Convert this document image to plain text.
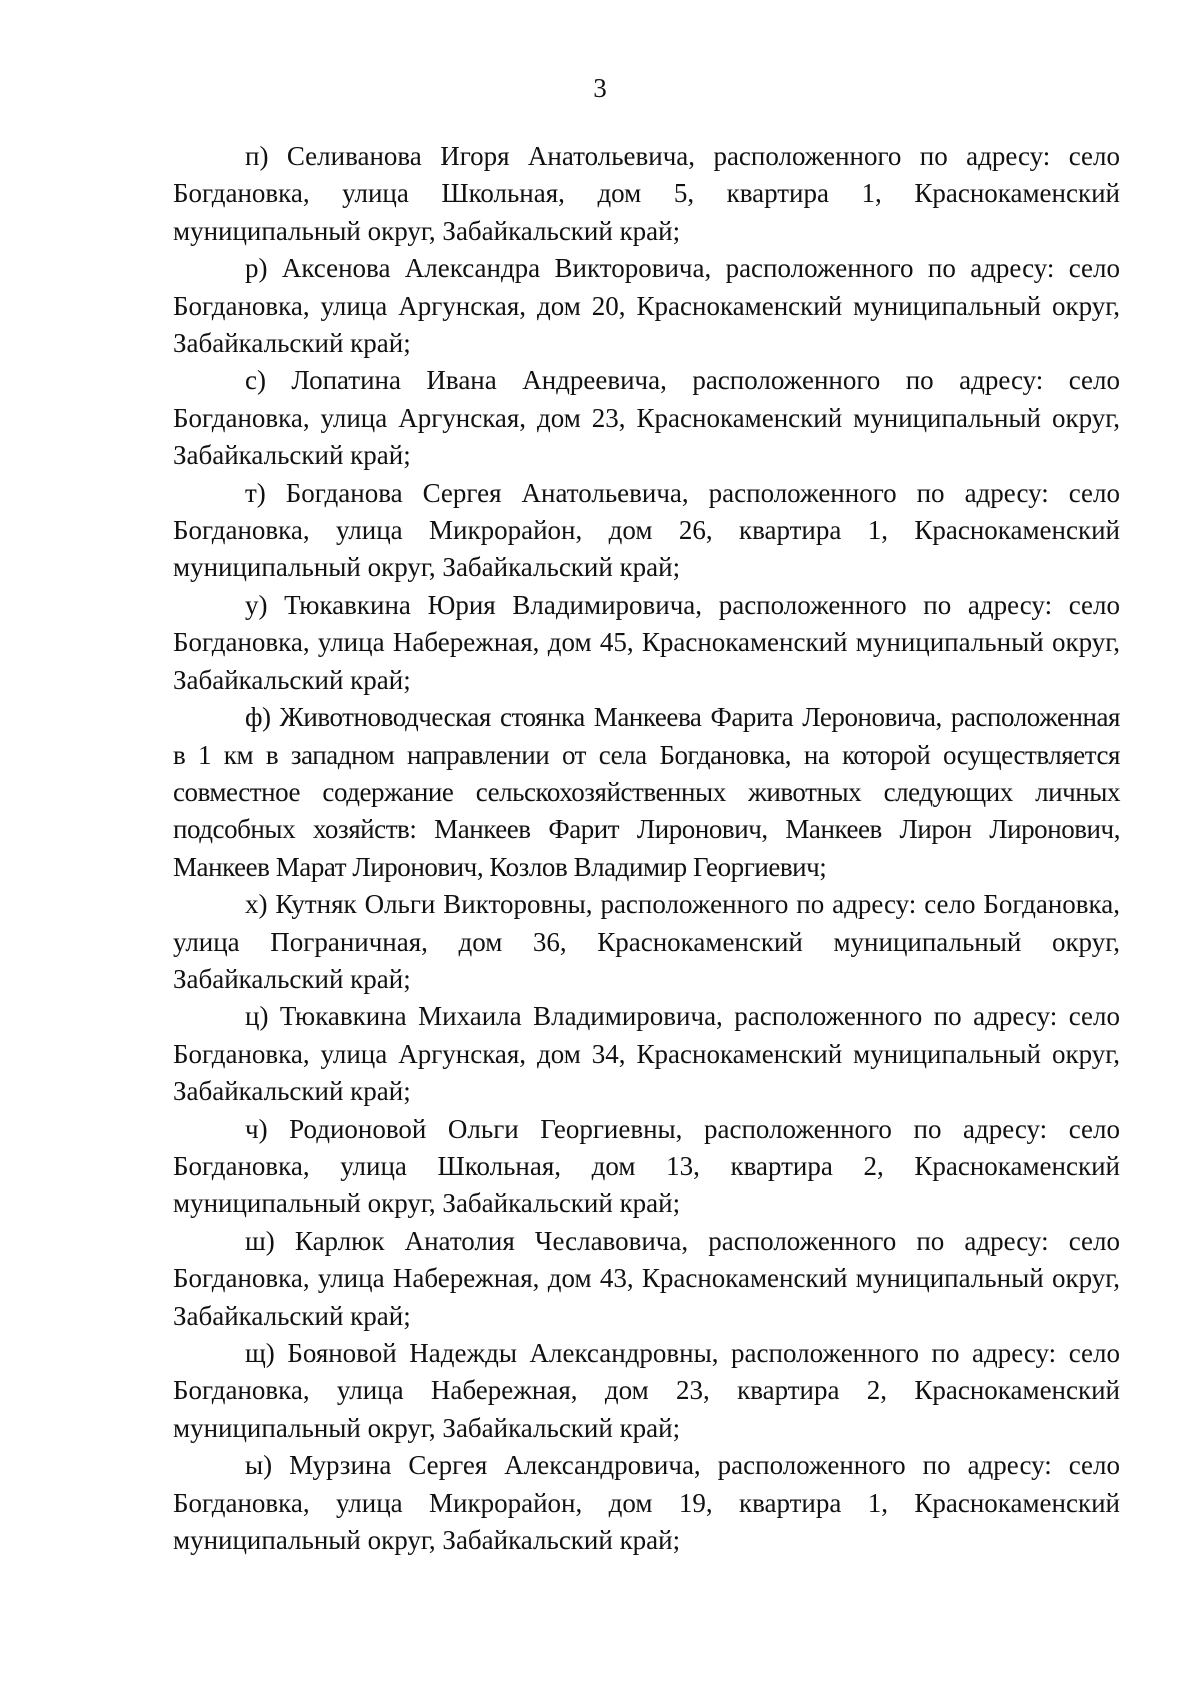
3

п) Селиванова Игоря Анатольевича, расположенного по адресу: село Богдановка, улица Школьная, дом 5, квартира 1, Краснокаменский муниципальный округ, Забайкальский край;

р) Аксенова Александра Викторовича, расположенного по адресу: село Богдановка, улица Аргунская, дом 20, Краснокаменский муниципальный округ, Забайкальский край;

с) Лопатина Ивана Андреевича, расположенного по адресу: село Богдановка, улица Аргунская, дом 23, Краснокаменский муниципальный округ, Забайкальский край;

т) Богданова Сергея Анатольевича, расположенного по адресу: село Богдановка, улица Микрорайон, дом 26, квартира 1, Краснокаменский муниципальный округ, Забайкальский край;

у) Тюкавкина Юрия Владимировича, расположенного по адресу: село Богдановка, улица Набережная, дом 45, Краснокаменский муниципальный округ, Забайкальский край;

ф) Животноводческая стоянка Манкеева Фарита Лероновича, расположенная в 1 км в западном направлении от села Богдановка, на которой осуществляется совместное содержание сельскохозяйственных животных следующих личных подсобных хозяйств: Манкеев Фарит Лиронович, Манкеев Лирон Лиронович, Манкеев Марат Лиронович, Козлов Владимир Георгиевич;

х) Кутняк Ольги Викторовны, расположенного по адресу: село Богдановка, улица Пограничная, дом 36, Краснокаменский муниципальный округ, Забайкальский край;

ц) Тюкавкина Михаила Владимировича, расположенного по адресу: село Богдановка, улица Аргунская, дом 34, Краснокаменский муниципальный округ, Забайкальский край;

ч) Родионовой Ольги Георгиевны, расположенного по адресу: село Богдановка, улица Школьная, дом 13, квартира 2, Краснокаменский муниципальный округ, Забайкальский край;

ш) Карлюк Анатолия Чеславовича, расположенного по адресу: село Богдановка, улица Набережная, дом 43, Краснокаменский муниципальный округ, Забайкальский край;

щ) Бояновой Надежды Александровны, расположенного по адресу: село Богдановка, улица Набережная, дом 23, квартира 2, Краснокаменский муниципальный округ, Забайкальский край;

ы) Мурзина Сергея Александровича, расположенного по адресу: село Богдановка, улица Микрорайон, дом 19, квартира 1, Краснокаменский муниципальный округ, Забайкальский край;
